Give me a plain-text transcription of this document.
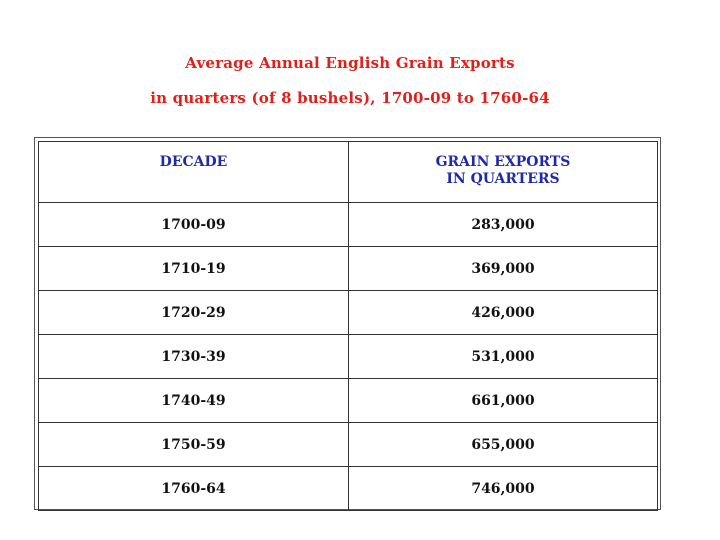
Average Annual English Grain Exports
in quarters (of 8 bushels), 1700-09 to 1760-64
DECADE	GRAIN EXPORTS
IN QUARTERS
1700-09	283,000
1710-19	369,000
1720-29	426,000
1730-39	531,000
1740-49	661,000
1750-59	655,000
1760-64	746,000
